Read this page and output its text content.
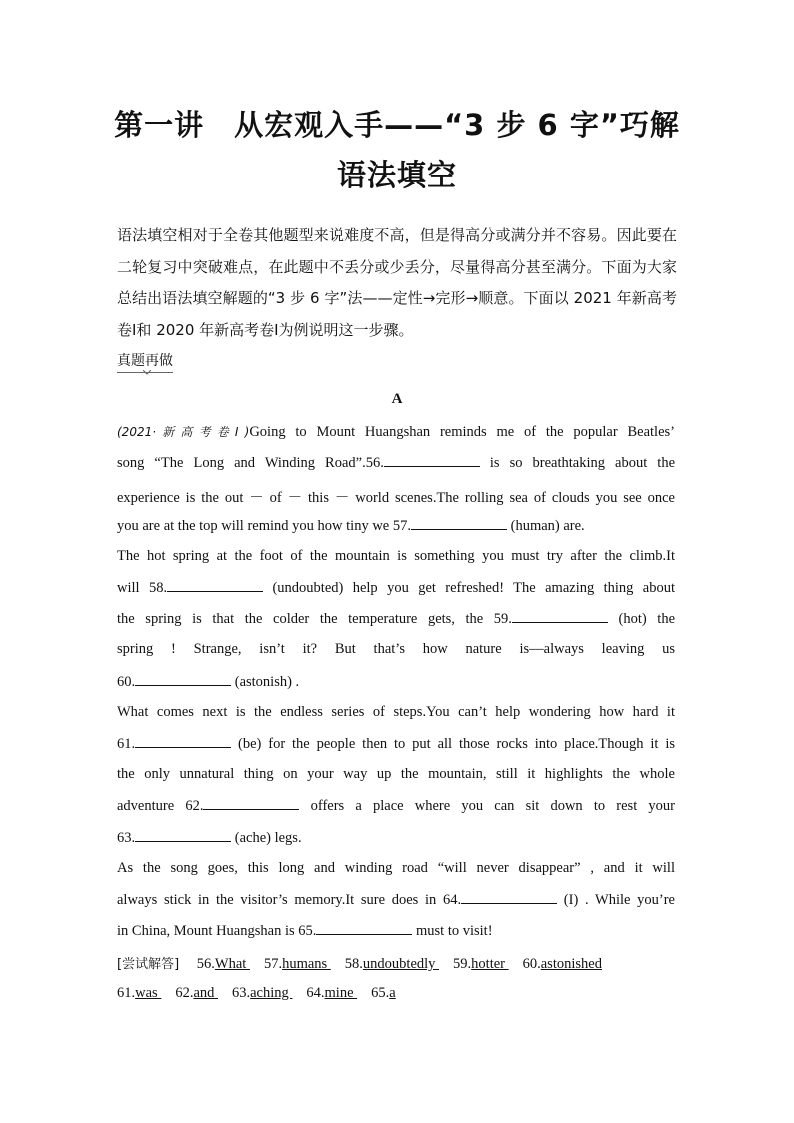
第一讲　从宏观入手——“3 步 6 字”巧解
语法填空
语法填空相对于全卷其他题型来说难度不高，但是得高分或满分并不容易。因此要在二轮复习中突破难点，在此题中不丢分或少丢分，尽量得高分甚至满分。下面为大家总结出语法填空解题的“3 步 6 字”法——定性→完形→顺意。下面以 2021 年新高考卷Ⅰ和 2020 年新高考卷Ⅰ为例说明这一步骤。
真题再做
A
(2021·新高考卷Ⅰ)Going to Mount Huangshan reminds me of the popular Beatles’
song “The Long and Winding Road”.56.	is so breathtaking about the
experience is the out － of － this － world scenes.The rolling sea of clouds you see once
you are at the top will remind you how tiny we 57.	(human) are.
The hot spring at the foot of the mountain is something you must try after the climb.It
will 58.	(undoubted) help you get refreshed! The amazing thing about
the spring is that the colder the temperature gets, the 59.	(hot) the
spring ! Strange, isn’t it? But that’s how nature is—always leaving us
60.	(astonish) .
What comes next is the endless series of steps.You can’t help wondering how hard it
61.	(be) for the people then to put all those rocks into place.Though it is
the only unnatural thing on your way up the mountain, still it highlights the whole
adventure 62.	offers a place where you can sit down to rest your
63.	(ache) legs.
As the song goes, this long and winding road “will never disappear” , and it will
always stick in the visitor’s memory.It sure does in 64.	(I) . While you’re
in China, Mount Huangshan is 65.	must to visit!
[尝试解答] 56.What 57.humans 58.undoubtedly 59.hotter 60.astonished
61.was 62.and 63.aching 64.mine 65.a
